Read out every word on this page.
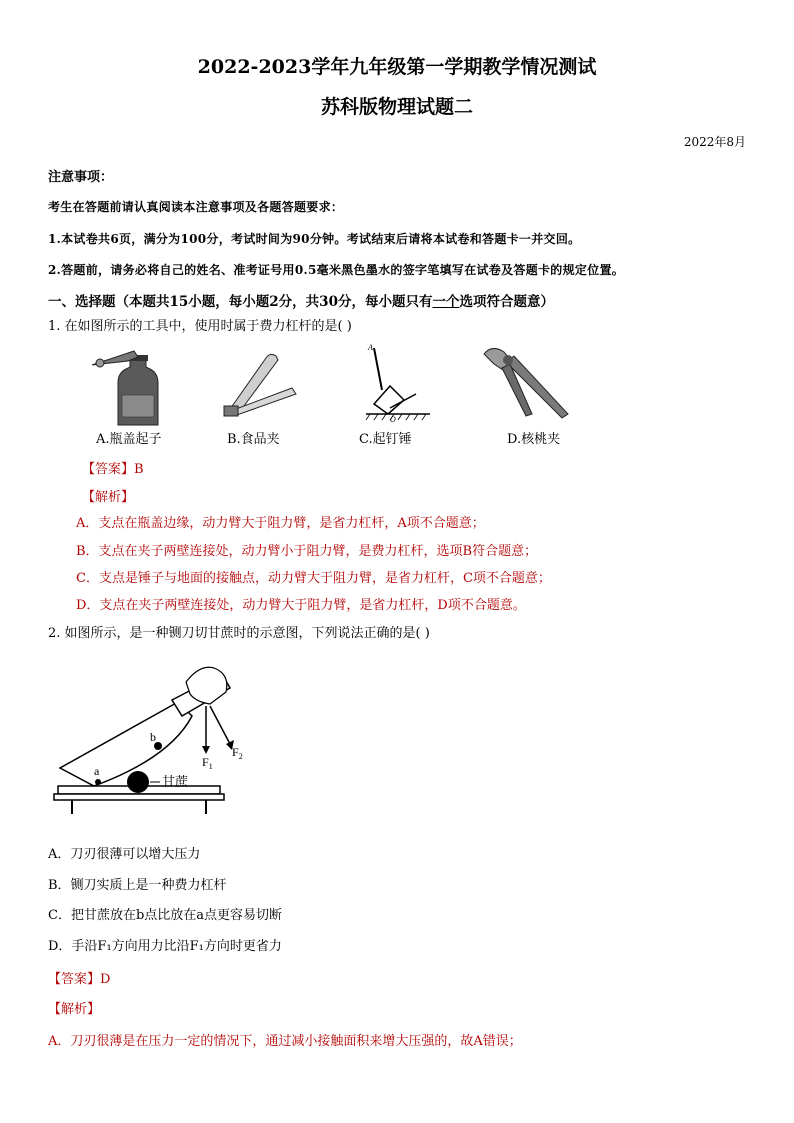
2022-2023学年九年级第一学期教学情况测试
苏科版物理试题二
2022年8月
注意事项：
考生在答题前请认真阅读本注意事项及各题答题要求：
1.本试卷共6页，满分为100分，考试时间为90分钟。考试结束后请将本试卷和答题卡一并交回。
2.答题前，请务必将自己的姓名、准考证号用0.5毫米黑色墨水的签字笔填写在试卷及答题卡的规定位置。
一、选择题（本题共15小题，每小题2分，共30分，每小题只有一个选项符合题意）
1. 在如图所示的工具中，使用时属于费力杠杆的是( )
A
O
A.瓶盖起子	B.食品夹	C.起钉锤	D.核桃夹
【答案】B
【解析】
A．支点在瓶盖边缘，动力臂大于阻力臂，是省力杠杆，A项不合题意；
B．支点在夹子两壁连接处，动力臂小于阻力臂，是费力杠杆，选项B符合题意；
C．支点是锤子与地面的接触点，动力臂大于阻力臂，是省力杠杆，C项不合题意；
D．支点在夹子两壁连接处，动力臂大于阻力臂，是省力杠杆，D项不合题意。
2. 如图所示，是一种铡刀切甘蔗时的示意图，下列说法正确的是( )
a
b
$F_1$
$F_2$
甘蔗
A．刀刃很薄可以增大压力
B．铡刀实质上是一种费力杠杆
C．把甘蔗放在b点比放在a点更容易切断
D．手沿F₁方向用力比沿F₁方向时更省力
【答案】D
【解析】
A．刀刃很薄是在压力一定的情况下，通过减小接触面积来增大压强的，故A错误；
